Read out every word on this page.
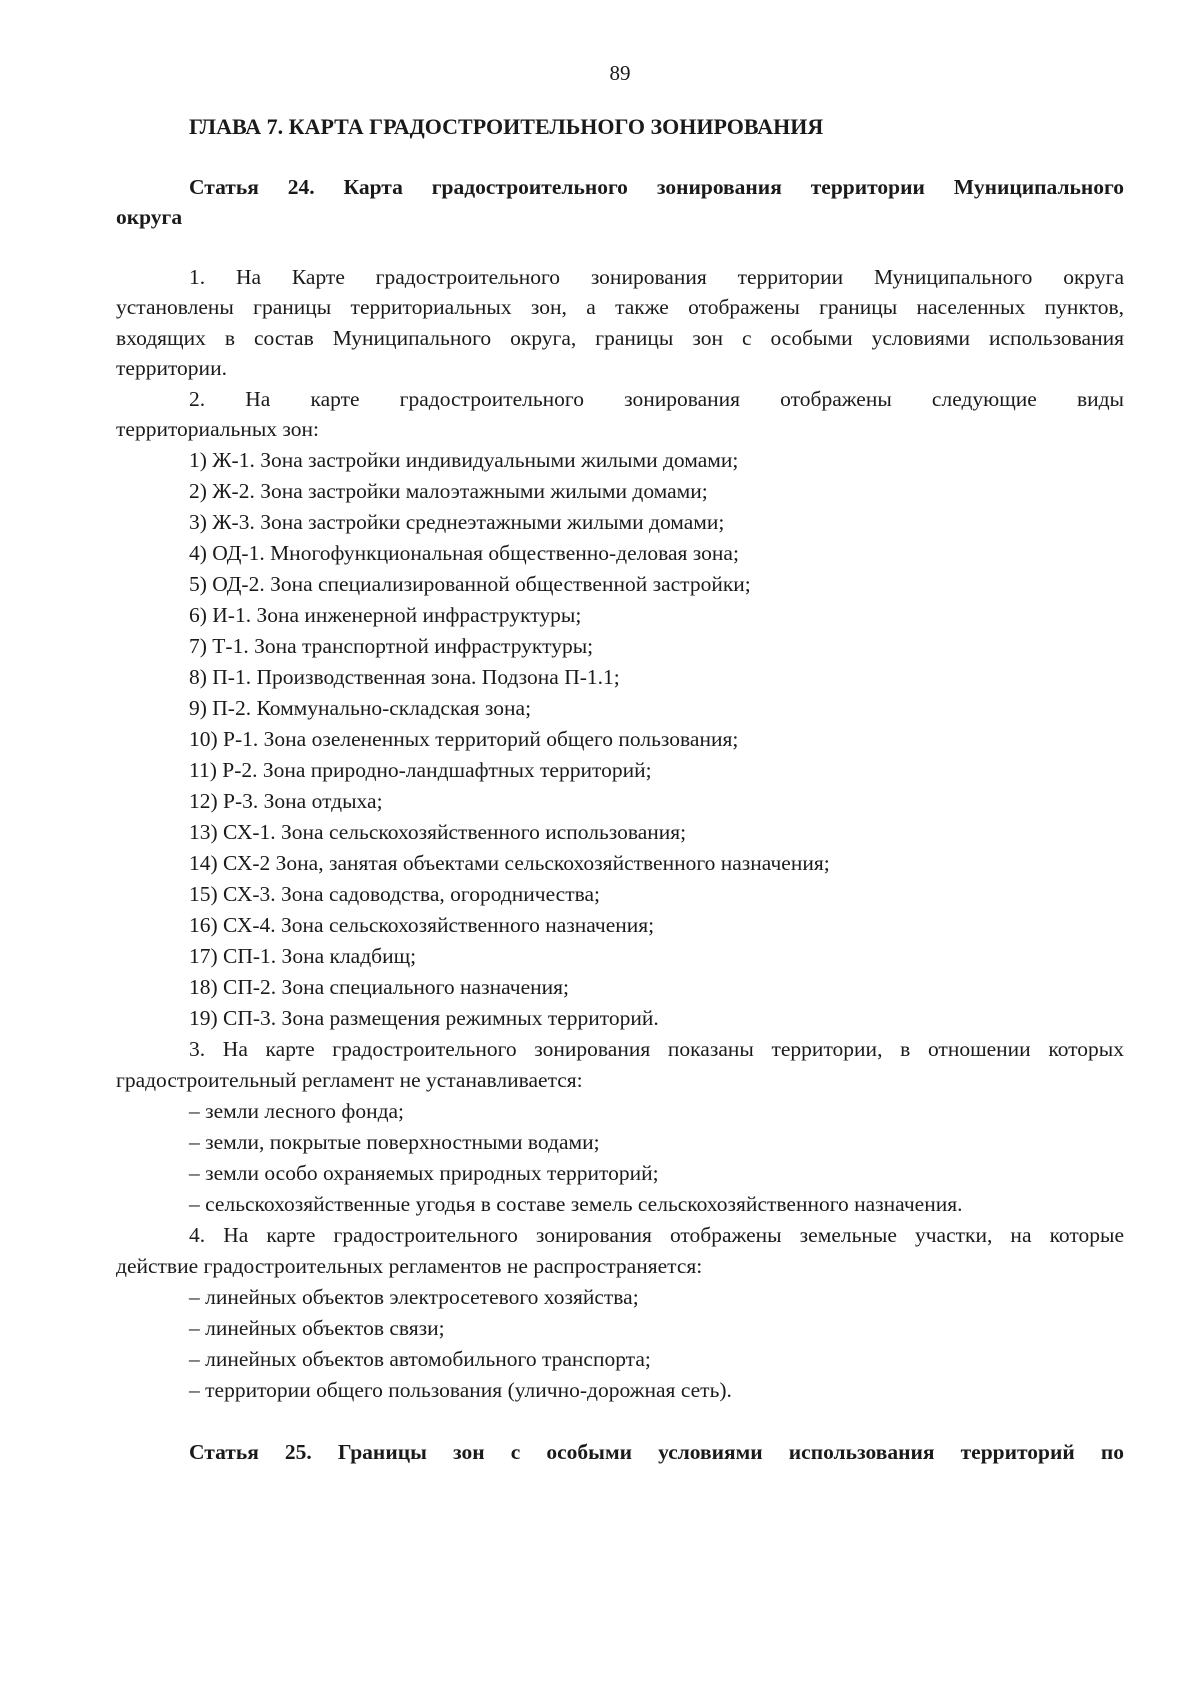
89
ГЛАВА 7. КАРТА ГРАДОСТРОИТЕЛЬНОГО ЗОНИРОВАНИЯ
Статья 24. Карта градостроительного зонирования территории Муниципального
округа
1. На Карте градостроительного зонирования территории Муниципального округа
установлены границы территориальных зон, а также отображены границы населенных пунктов,
входящих в состав Муниципального округа, границы зон с особыми условиями использования
территории.
2. На карте градостроительного зонирования отображены следующие виды
территориальных зон:
1) Ж-1. Зона застройки индивидуальными жилыми домами;
2) Ж-2. Зона застройки малоэтажными жилыми домами;
3) Ж-3. Зона застройки среднеэтажными жилыми домами;
4) ОД-1. Многофункциональная общественно-деловая зона;
5) ОД-2. Зона специализированной общественной застройки;
6) И-1. Зона инженерной инфраструктуры;
7) Т-1. Зона транспортной инфраструктуры;
8) П-1. Производственная зона. Подзона П-1.1;
9) П-2. Коммунально-складская зона;
10) Р-1. Зона озелененных территорий общего пользования;
11) Р-2. Зона природно-ландшафтных территорий;
12) Р-3. Зона отдыха;
13) СХ-1. Зона сельскохозяйственного использования;
14) СХ-2 Зона, занятая объектами сельскохозяйственного назначения;
15) СХ-3. Зона садоводства, огородничества;
16) СХ-4. Зона сельскохозяйственного назначения;
17) СП-1. Зона кладбищ;
18) СП-2. Зона специального назначения;
19) СП-3. Зона размещения режимных территорий.
3. На карте градостроительного зонирования показаны территории, в отношении которых
градостроительный регламент не устанавливается:
– земли лесного фонда;
– земли, покрытые поверхностными водами;
– земли особо охраняемых природных территорий;
– сельскохозяйственные угодья в составе земель сельскохозяйственного назначения.
4. На карте градостроительного зонирования отображены земельные участки, на которые
действие градостроительных регламентов не распространяется:
– линейных объектов электросетевого хозяйства;
– линейных объектов связи;
– линейных объектов автомобильного транспорта;
– территории общего пользования (улично-дорожная сеть).
Статья 25. Границы зон с особыми условиями использования территорий по
